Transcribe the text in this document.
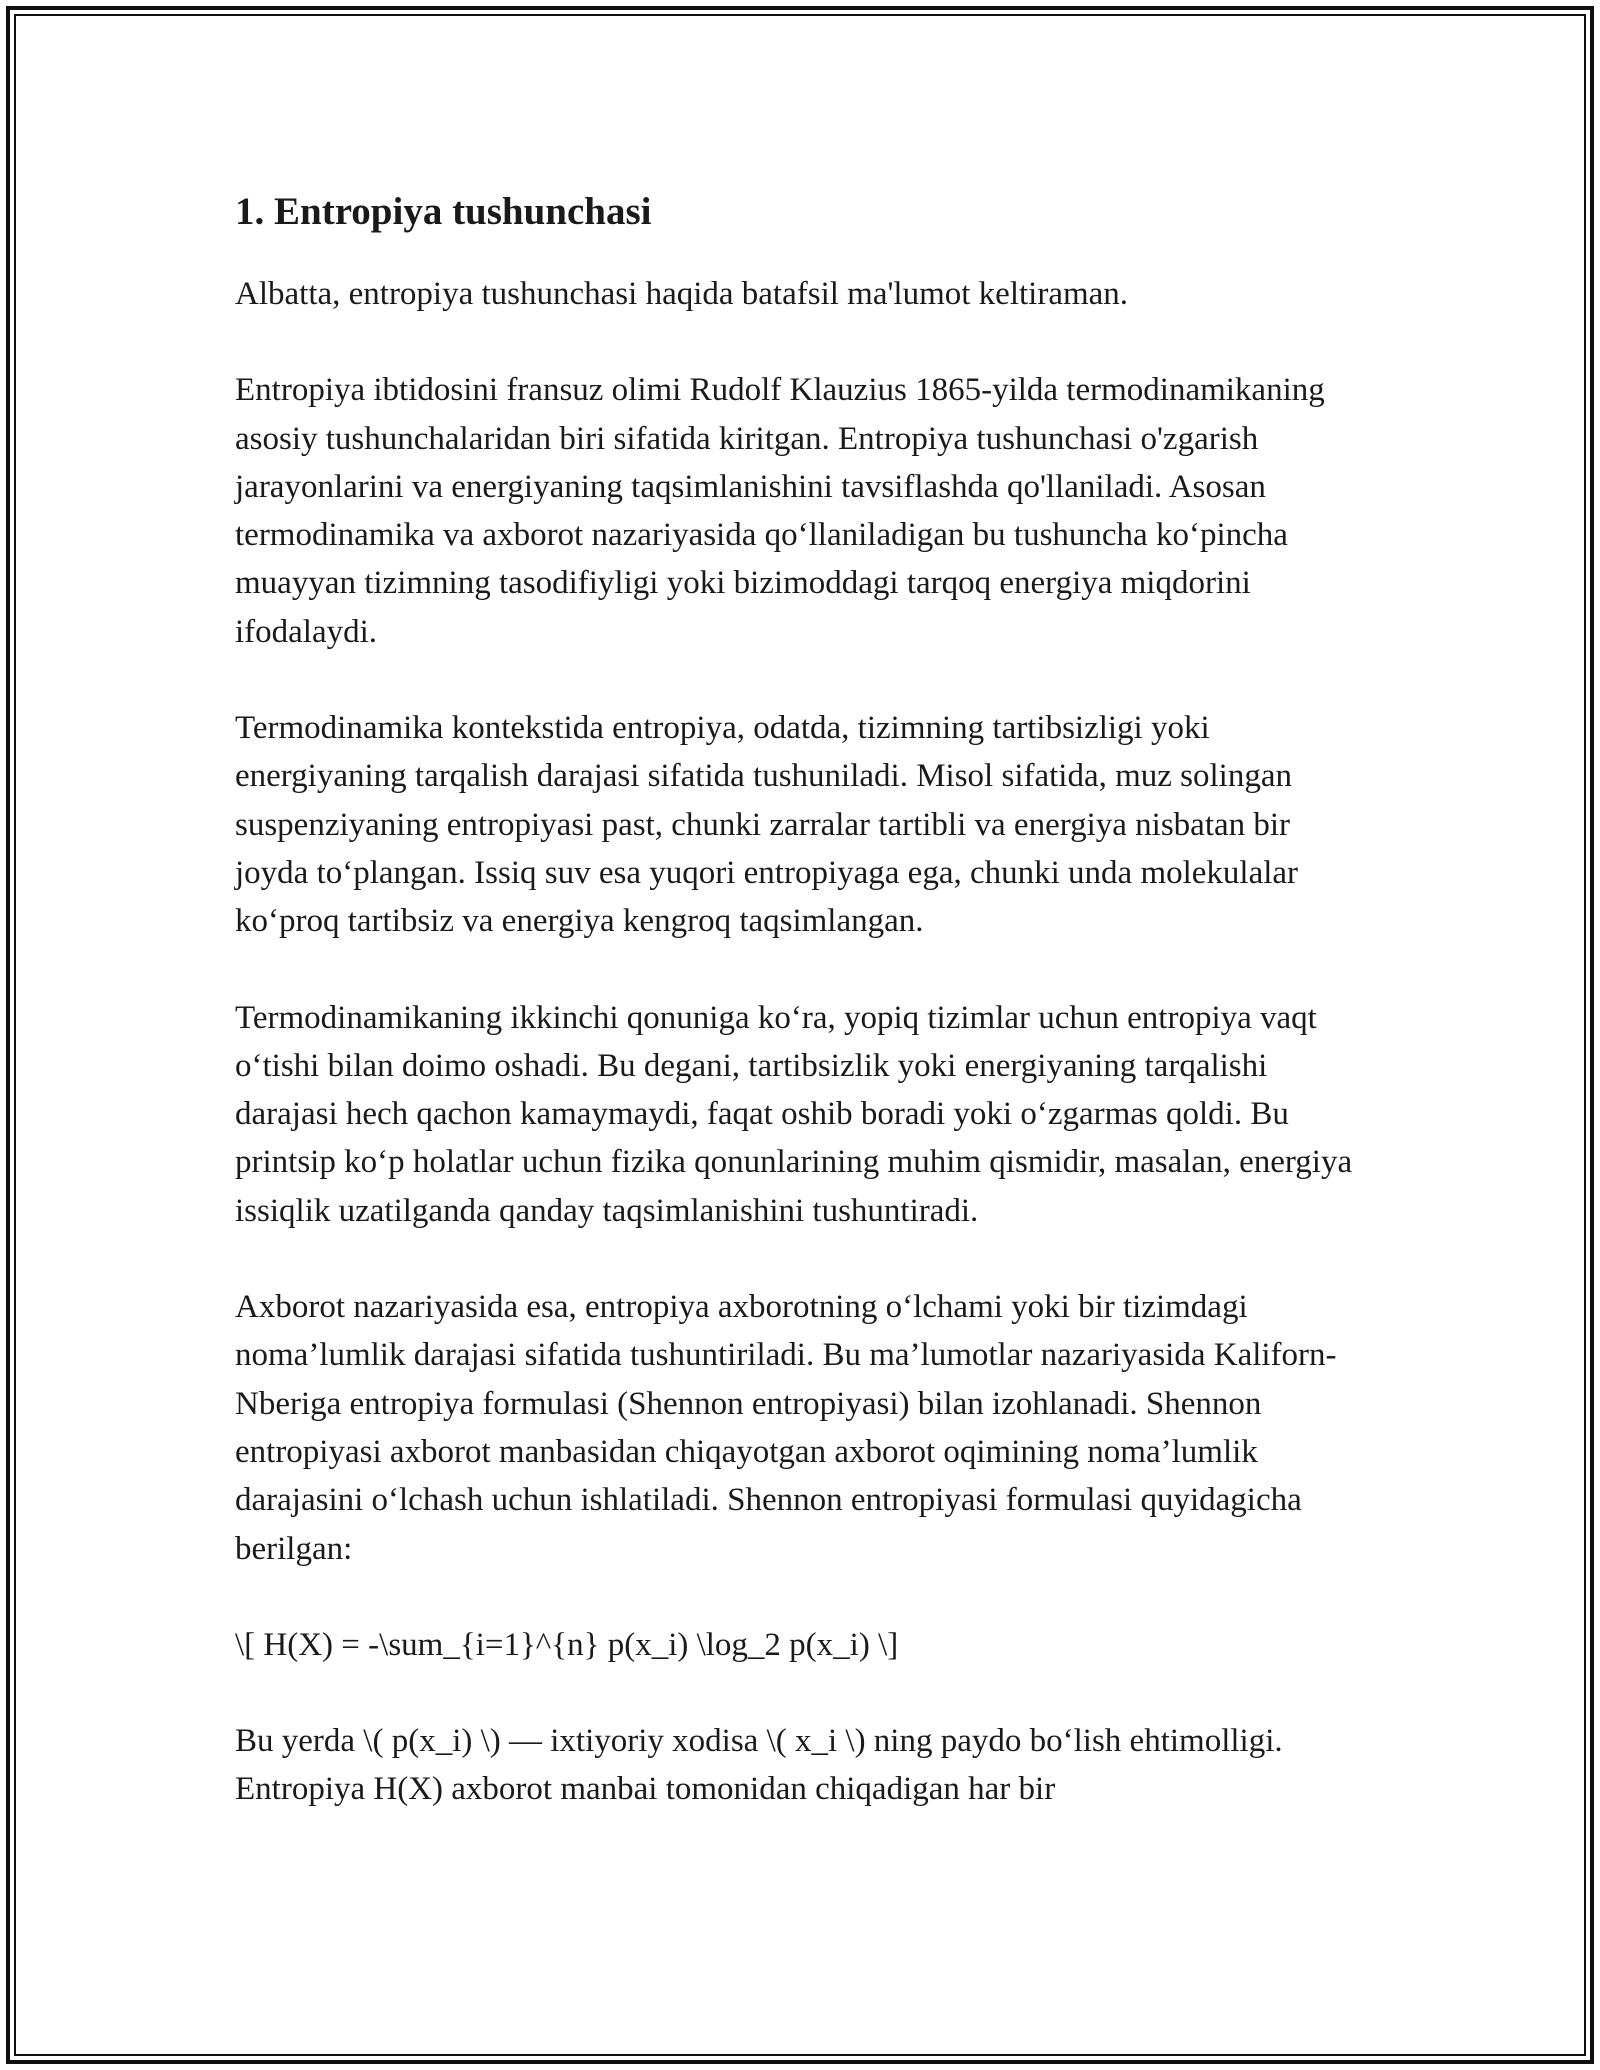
1. Entropiya tushunchasi

Albatta, entropiya tushunchasi haqida batafsil ma'lumot keltiraman.

Entropiya ibtidosini fransuz olimi Rudolf Klauzius 1865-yilda termodinamikaning asosiy tushunchalaridan biri sifatida kiritgan. Entropiya tushunchasi o'zgarish jarayonlarini va energiyaning taqsimlanishini tavsiflashda qo'llaniladi. Asosan termodinamika va axborot nazariyasida qo‘llaniladigan bu tushuncha ko‘pincha muayyan tizimning tasodifiyligi yoki bizimoddagi tarqoq energiya miqdorini ifodalaydi.

Termodinamika kontekstida entropiya, odatda, tizimning tartibsizligi yoki energiyaning tarqalish darajasi sifatida tushuniladi. Misol sifatida, muz solingan suspenziyaning entropiyasi past, chunki zarralar tartibli va energiya nisbatan bir joyda to‘plangan. Issiq suv esa yuqori entropiyaga ega, chunki unda molekulalar ko‘proq tartibsiz va energiya kengroq taqsimlangan.

Termodinamikaning ikkinchi qonuniga ko‘ra, yopiq tizimlar uchun entropiya vaqt o‘tishi bilan doimo oshadi. Bu degani, tartibsizlik yoki energiyaning tarqalishi darajasi hech qachon kamaymaydi, faqat oshib boradi yoki o‘zgarmas qoldi. Bu printsip ko‘p holatlar uchun fizika qonunlarining muhim qismidir, masalan, energiya issiqlik uzatilganda qanday taqsimlanishini tushuntiradi.

Axborot nazariyasida esa, entropiya axborotning o‘lchami yoki bir tizimdagi noma’lumlik darajasi sifatida tushuntiriladi. Bu ma’lumotlar nazariyasida Kaliforn-Nberiga entropiya formulasi (Shennon entropiyasi) bilan izohlanadi. Shennon entropiyasi axborot manbasidan chiqayotgan axborot oqimining noma’lumlik darajasini o‘lchash uchun ishlatiladi. Shennon entropiyasi formulasi quyidagicha berilgan:

\[ H(X) = -\sum_{i=1}^{n} p(x_i) \log_2 p(x_i) \]

Bu yerda \( p(x_i) \) — ixtiyoriy xodisa \( x_i \) ning paydo bo‘lish ehtimolligi. Entropiya H(X) axborot manbai tomonidan chiqadigan har bir
